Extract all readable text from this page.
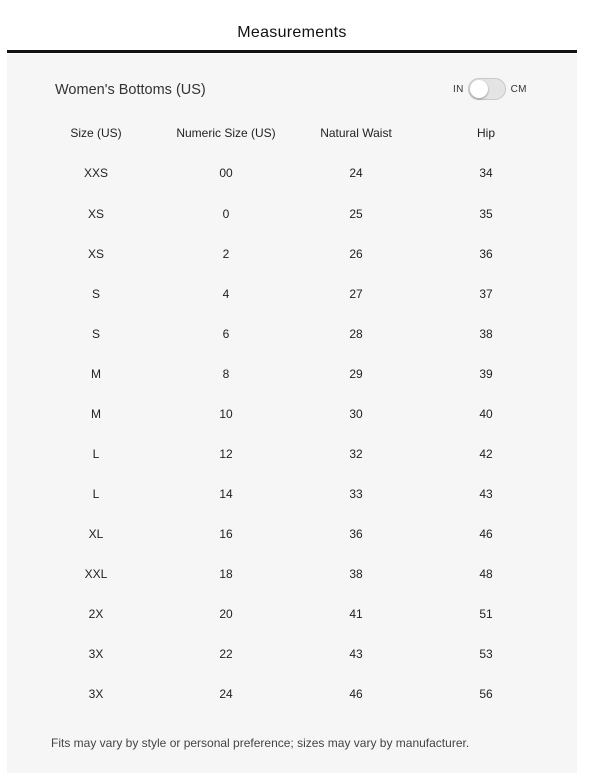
Measurements
Women's Bottoms (US)	IN	CM
Size (US)	Numeric Size (US)	Natural Waist	Hip
XXS	00	24	34
XS	0	25	35
XS	2	26	36
S	4	27	37
S	6	28	38
M	8	29	39
M	10	30	40
L	12	32	42
L	14	33	43
XL	16	36	46
XXL	18	38	48
2X	20	41	51
3X	22	43	53
3X	24	46	56
Fits may vary by style or personal preference; sizes may vary by manufacturer.
